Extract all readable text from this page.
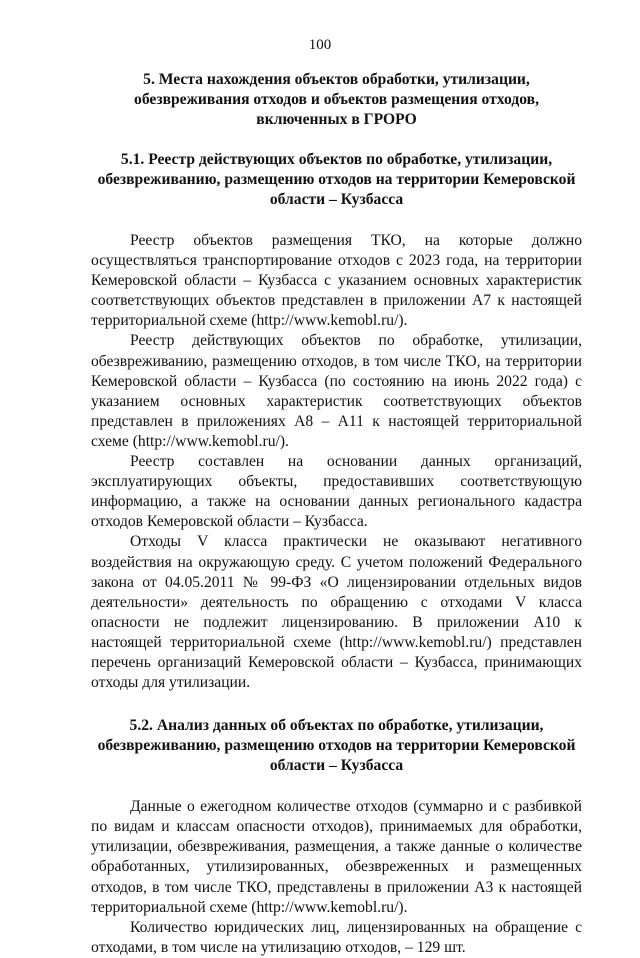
100
5. Места нахождения объектов обработки, утилизации, обезвреживания отходов и объектов размещения отходов, включенных в ГРОРО
5.1. Реестр действующих объектов по обработке, утилизации, обезвреживанию, размещению отходов на территории Кемеровской области – Кузбасса

Реестр объектов размещения ТКО, на которые должно осуществляться транспортирование отходов с 2023 года, на территории Кемеровской области – Кузбасса с указанием основных характеристик соответствующих объектов представлен в приложении А7 к настоящей территориальной схеме (http://www.kemobl.ru/).

Реестр действующих объектов по обработке, утилизации, обезвреживанию, размещению отходов, в том числе ТКО, на территории Кемеровской области – Кузбасса (по состоянию на июнь 2022 года) с указанием основных характеристик соответствующих объектов представлен в приложениях А8 – А11 к настоящей территориальной схеме (http://www.kemobl.ru/).

Реестр составлен на основании данных организаций, эксплуатирующих объекты, предоставивших соответствующую информацию, а также на основании данных регионального кадастра отходов Кемеровской области – Кузбасса.

Отходы V класса практически не оказывают негативного воздействия на окружающую среду. С учетом положений Федерального закона от 04.05.2011 № 99-ФЗ «О лицензировании отдельных видов деятельности» деятельность по обращению с отходами V класса опасности не подлежит лицензированию. В приложении А10 к настоящей территориальной схеме (http://www.kemobl.ru/) представлен перечень организаций Кемеровской области – Кузбасса, принимающих отходы для утилизации.

5.2. Анализ данных об объектах по обработке, утилизации, обезвреживанию, размещению отходов на территории Кемеровской области – Кузбасса

Данные о ежегодном количестве отходов (суммарно и с разбивкой по видам и классам опасности отходов), принимаемых для обработки, утилизации, обезвреживания, размещения, а также данные о количестве обработанных, утилизированных, обезвреженных и размещенных отходов, в том числе ТКО, представлены в приложении А3 к настоящей территориальной схеме (http://www.kemobl.ru/).

Количество юридических лиц, лицензированных на обращение с отходами, в том числе на утилизацию отходов, – 129 шт.
